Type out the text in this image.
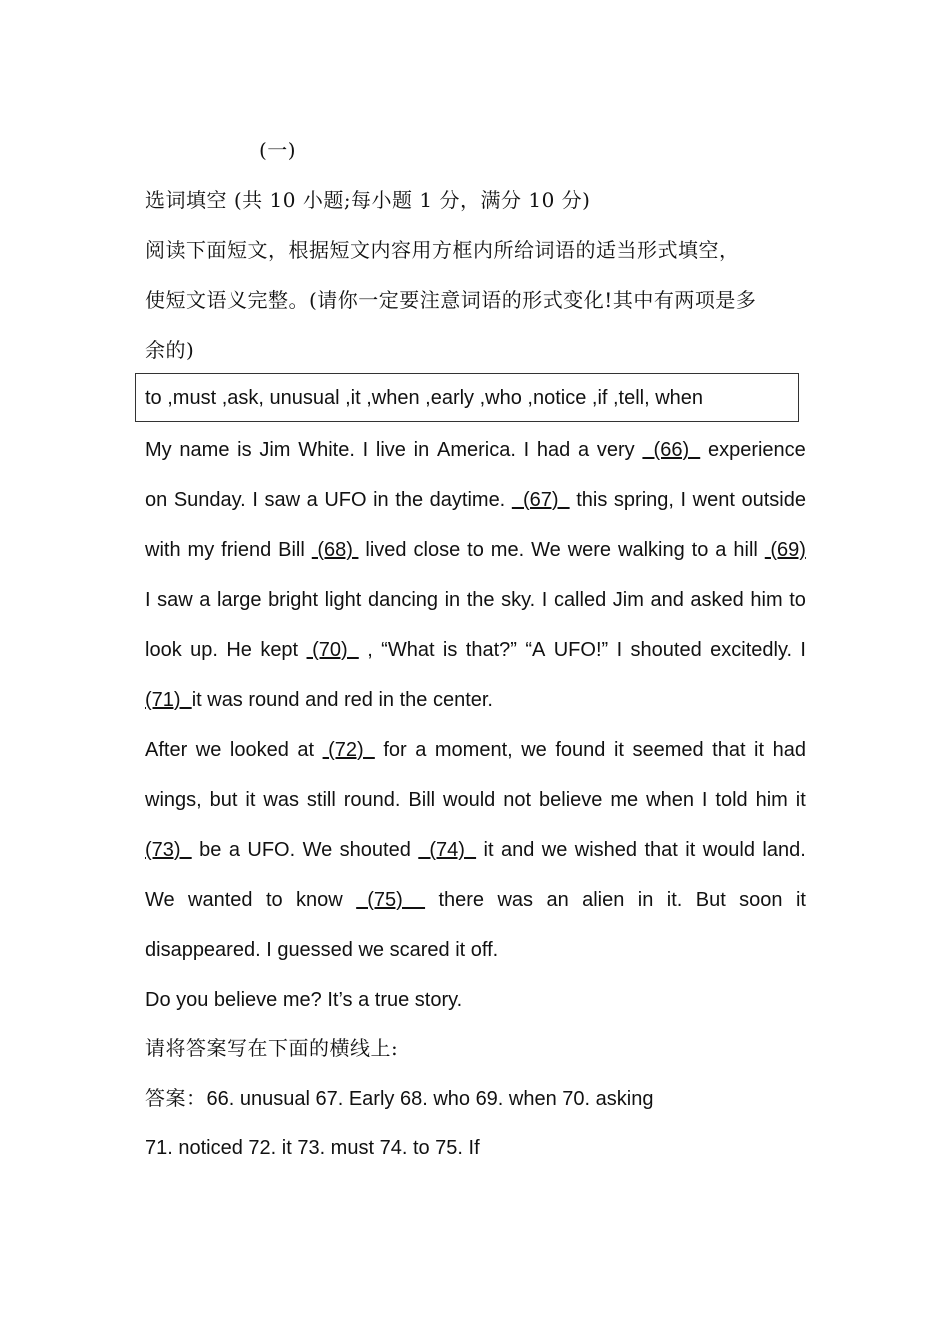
(一)
选词填空 (共 10 小题;每小题 1 分，满分 10 分)
阅读下面短文，根据短文内容用方框内所给词语的适当形式填空，
使短文语义完整。(请你一定要注意词语的形式变化!其中有两项是多
余的)
to ,must ,ask, unusual ,it ,when ,early ,who ,notice ,if ,tell, when
My name is Jim White. I live in America. I had a very (66) experience
on Sunday. I saw a UFO in the daytime. (67) this spring, I went outside
with my friend Bill (68) lived close to me. We were walking to a hill (69)
I saw a large bright light dancing in the sky. I called Jim and asked him to
look up. He kept (70) , “What is that?” “A UFO!” I shouted excitedly. I
(71)  it was round and red in the center.
After we looked at (72) for a moment, we found it seemed that it had
wings, but it was still round. Bill would not believe me when I told him it
(73) be a UFO. We shouted (74) it and we wished that it would land.
We wanted to know (75) there was an alien in it. But soon it
disappeared. I guessed we scared it off.
Do you believe me? It’s a true story.
请将答案写在下面的横线上:
答案：66. unusual 67. Early 68. who 69. when 70. asking
71. noticed 72. it 73. must 74. to 75. If
